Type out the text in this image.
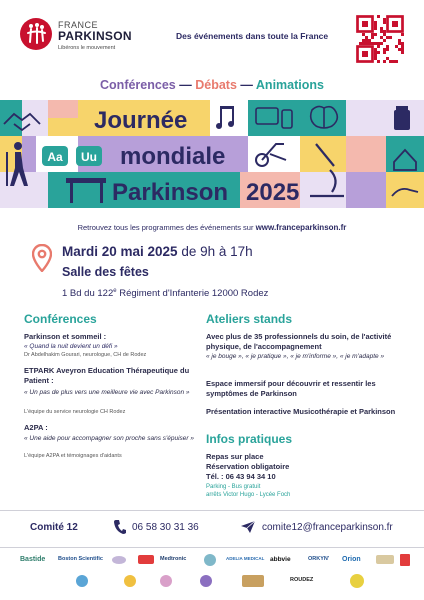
FRANCE
PARKINSON
Libérons le mouvement
Des événements dans toute la France
Conférences — Débats — Animations
Journée
Aa Uu mondiale
Parkinson 2025
Retrouvez tous les programmes des événements sur www.franceparkinson.fr
Mardi 20 mai 2025 de 9h à 17h
Salle des fêtes
1 Bd du 122e Régiment d'Infanterie 12000 Rodez
Conférences
Parkinson et sommeil :
« Quand la nuit devient un défi »
Dr Abdelhakim Gourari, neurologue, CH de Rodez
ETPARK Aveyron Education Thérapeutique du Patient :
« Un pas de plus vers une meilleure vie avec Parkinson »
L'équipe du service neurologie CH Rodez
A2PA :
« Une aide pour accompagner son proche sans s'épuiser »
L'équipe A2PA et témoignages d'aidants
Ateliers stands
Avec plus de 35 professionnels du soin, de l'activité physique, de l'accompagnement
« je bouge », « je pratique », « je m'informe », « je m'adapte »
Espace immersif pour découvrir et ressentir les symptômes de Parkinson
Présentation interactive Musicothérapie et Parkinson
Infos pratiques
Repas sur place
Réservation obligatoire
Tél. : 06 43 94 34 10
Parking - Bus gratuit
arrêts Victor Hugo - Lycée Foch
Comité 12	06 58 30 31 36	comite12@franceparkinson.fr
Bastide Boston Scientific	Medtronic	ADELIA MEDICAL abbvie	ORKYN' Orion
ROUDEZ
